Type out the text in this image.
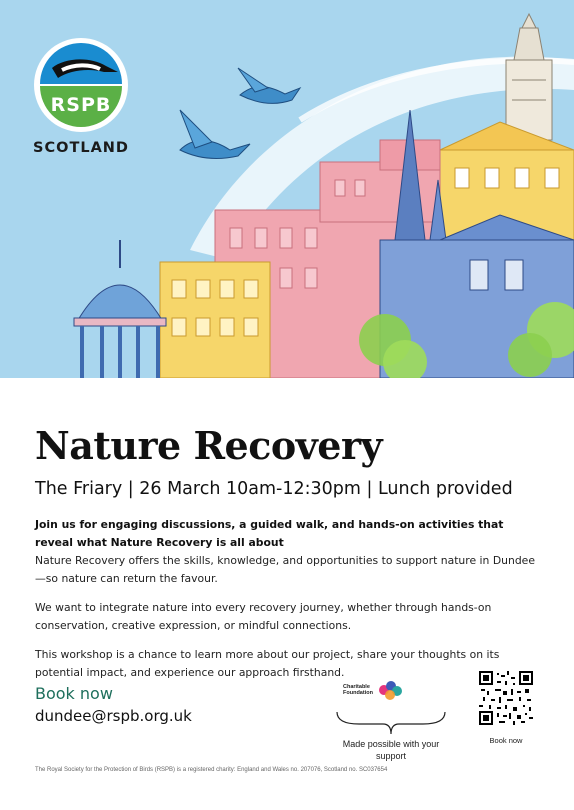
RSPB
SCOTLAND
Nature Recovery
The Friary | 26 March 10am-12:30pm | Lunch provided

Join us for engaging discussions, a guided walk, and hands-on activities that reveal what Nature Recovery is all about

Nature Recovery offers the skills, knowledge, and opportunities to support nature in Dundee—so nature can return the favour.

We want to integrate nature into every recovery journey, whether through hands-on conservation, creative expression, or mindful connections.

This workshop is a chance to learn more about our project, share your thoughts on its potential impact, and experience our approach firsthand.

Book now
dundee@rspb.org.uk
Charitable Foundation
Made possible with your support
Book now
The Royal Society for the Protection of Birds (RSPB) is a registered charity: England and Wales no. 207076, Scotland no. SC037654
